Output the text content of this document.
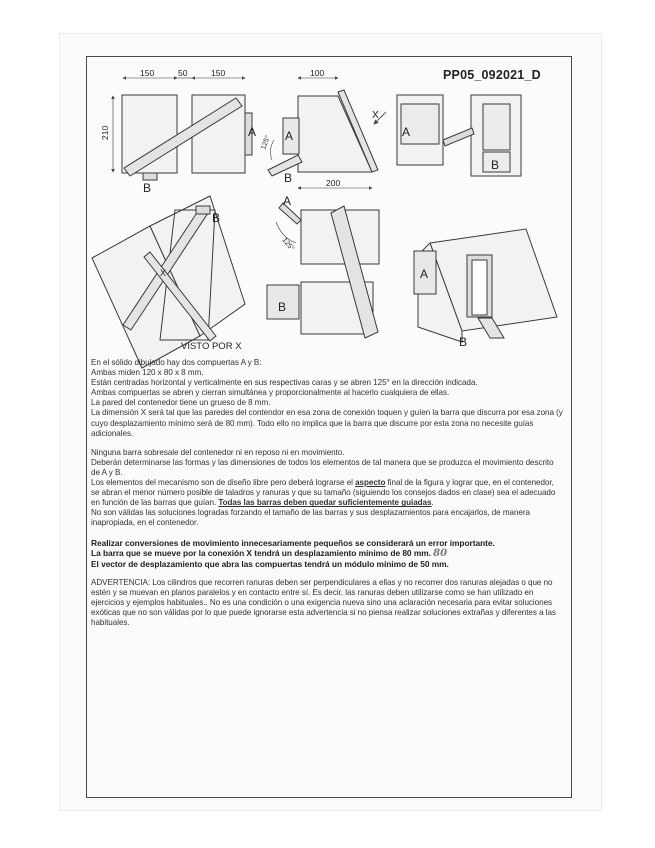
PP05_092021_D
150	50	150
210
100
200
125°
125°
A A	A
A
A
B
B
B
B
B
B
X
X
VISTO POR X

En el sólido dibujado hay dos compuertas A y B:

Ambas miden 120 x 80 x 8 mm.

Están centradas horizontal y verticalmente en sus respectivas caras y se abren 125° en la dirección indicada.

Ambas compuertas se abren y cierran simultánea y proporcionalmente al hacerlo cualquiera de ellas.

La pared del contenedor tiene un grueso de 8 mm.

La dimensión X será tal que las paredes del contendor en esa zona de conexión toquen y guíen la barra que discurra por esa zona (y cuyo desplazamiento mínimo será de 80 mm). Todo ello no implica que la barra que discurre por esta zona no necesite guías adicionales.

Ninguna barra sobresale del contenedor ni en reposo ni en movimiento.

Deberán determinarse las formas y las dimensiones de todos los elementos de tal manera que se produzca el movimiento descrito de A y B.

Los elementos del mecanismo son de diseño libre pero deberá lograrse el aspecto final de la figura y lograr que, en el contenedor, se abran el menor número posible de taladros y ranuras y que su tamaño (siguiendo los consejos dados en clase) sea el adecuado en función de las barras que guían. Todas las barras deben quedar suficientemente guiadas.

No son válidas las soluciones logradas forzando el tamaño de las barras y sus desplazamientos para encajarlos, de manera inapropiada, en el contenedor.

Realizar conversiones de movimiento innecesariamente pequeños se considerará un error importante.

La barra que se mueve por la conexión X tendrá un desplazamiento mínimo de 80 mm. 80

El vector de desplazamiento que abra las compuertas tendrá un módulo mínimo de 50 mm.

ADVERTENCIA: Los cilindros que recorren ranuras deben ser perpendiculares a ellas y no recorrer dos ranuras alejadas o que no estén y se muevan en planos paralelos y en contacto entre sí. Es decir, las ranuras deben utilizarse como se han utilizado en ejercicios y ejemplos habituales.. No es una condición o una exigencia nueva sino una aclaración necesaria para evitar soluciones exóticas que no son válidas por lo que puede ignorarse esta advertencia si no piensa realizar soluciones extrañas y diferentes a las habituales.
